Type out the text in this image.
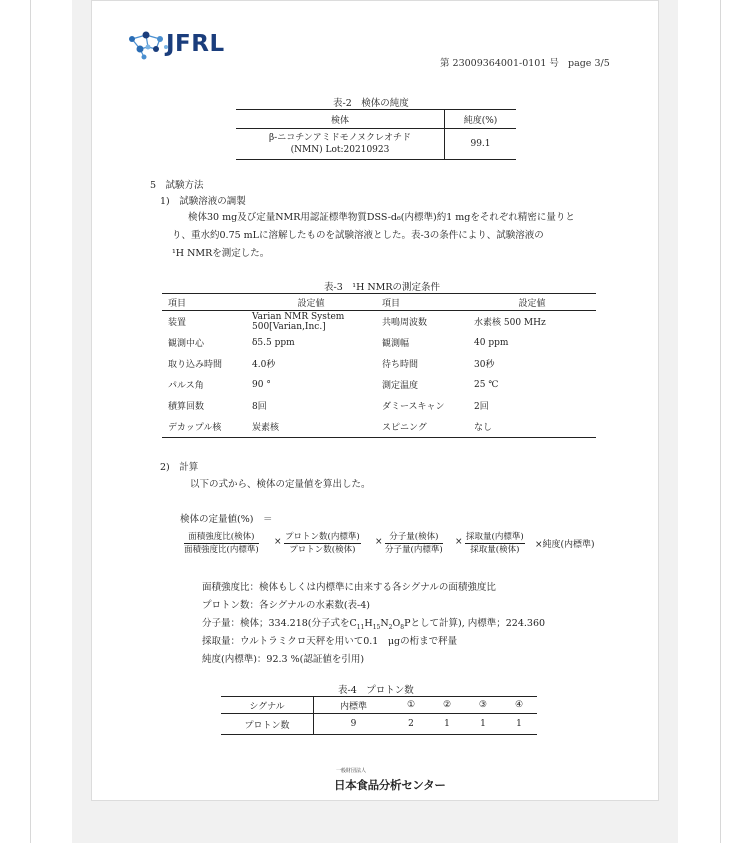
JFRL
第 23009364001-0101 号 page 3/5
表-2　検体の純度
検体	純度(%)
β-ニコチンアミドモノヌクレオチド
(NMN) Lot:20210923	99.1
5　試験方法
1)　試験溶液の調製
検体30 mg及び定量NMR用認証標準物質DSS-d₆(内標準)約1 mgをそれぞれ精密に量りと
り、重水約0.75 mLに溶解したものを試験溶液とした。表-3の条件により、試験溶液の
¹H NMRを測定した。
表-3　¹H NMRの測定条件
項目	設定値	項目	設定値
装置	Varian NMR System 500[Varian,Inc.]	共鳴周波数	水素核 500 MHz
観測中心	δ5.5 ppm	観測幅	40 ppm
取り込み時間	4.0秒	待ち時間	30秒
パルス角	90 °	測定温度	25 ℃
積算回数	8回	ダミースキャン	2回
デカップル核	炭素核	スピニング	なし
2)　計算
以下の式から、検体の定量値を算出した。
検体の定量値(%)　＝
面積強度比(検体)
面積強度比(内標準)
× プロトン数(内標準)
プロトン数(検体)
× 分子量(検体)
分子量(内標準)
× 採取量(内標準)
採取量(検体)	×純度(内標準)
面積強度比：検体もしくは内標準に由来する各シグナルの面積強度比
プロトン数：各シグナルの水素数(表-4)
分子量：検体；334.218(分子式を$C_{11}H_{15}N_2O_8P$として計算), 内標準；224.360
採取量：ウルトラミクロ天秤を用いて0.1　μgの桁まで秤量
純度(内標準)：92.3 %(認証値を引用)
表-4　プロトン数
シグナル	内標準	①	②	③	④
プロトン数	9	2	1	1	1
一般財団法人
日本食品分析センター
